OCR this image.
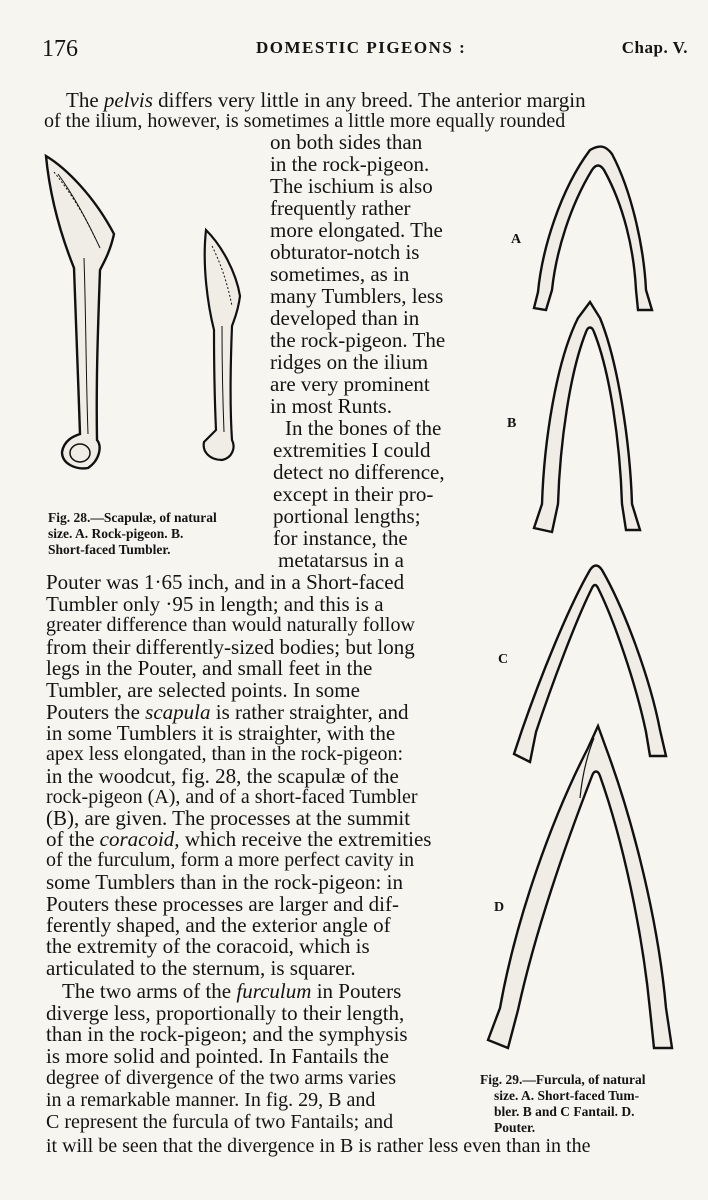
176	DOMESTIC PIGEONS :	Chap. V.
A
B
C
D
Fig. 28.—Scapulæ, of natural
size. A. Rock-pigeon. B.
Short-faced Tumbler.
Fig. 29.—Furcula, of natural
size. A. Short-faced Tum-
bler. B and C Fantail. D.
Pouter.
The pelvis differs very little in any breed. The anterior margin
of the ilium, however, is sometimes a little more equally rounded
on both sides than
in the rock-pigeon.
The ischium is also
frequently rather
more elongated. The
obturator-notch is
sometimes, as in
many Tumblers, less
developed than in
the rock-pigeon. The
ridges on the ilium
are very prominent
in most Runts.
In the bones of the
extremities I could
detect no difference,
except in their pro-
portional lengths;
for instance, the
metatarsus in a
Pouter was 1·65 inch, and in a Short-faced
Tumbler only ·95 in length; and this is a
greater difference than would naturally follow
from their differently-sized bodies; but long
legs in the Pouter, and small feet in the
Tumbler, are selected points. In some
Pouters the scapula is rather straighter, and
in some Tumblers it is straighter, with the
apex less elongated, than in the rock-pigeon:
in the woodcut, fig. 28, the scapulæ of the
rock-pigeon (A), and of a short-faced Tumbler
(B), are given. The processes at the summit
of the coracoid, which receive the extremities
of the furculum, form a more perfect cavity in
some Tumblers than in the rock-pigeon: in
Pouters these processes are larger and dif-
ferently shaped, and the exterior angle of
the extremity of the coracoid, which is
articulated to the sternum, is squarer.
The two arms of the furculum in Pouters
diverge less, proportionally to their length,
than in the rock-pigeon; and the symphysis
is more solid and pointed. In Fantails the
degree of divergence of the two arms varies
in a remarkable manner. In fig. 29, B and
C represent the furcula of two Fantails; and
it will be seen that the divergence in B is rather less even than in the
